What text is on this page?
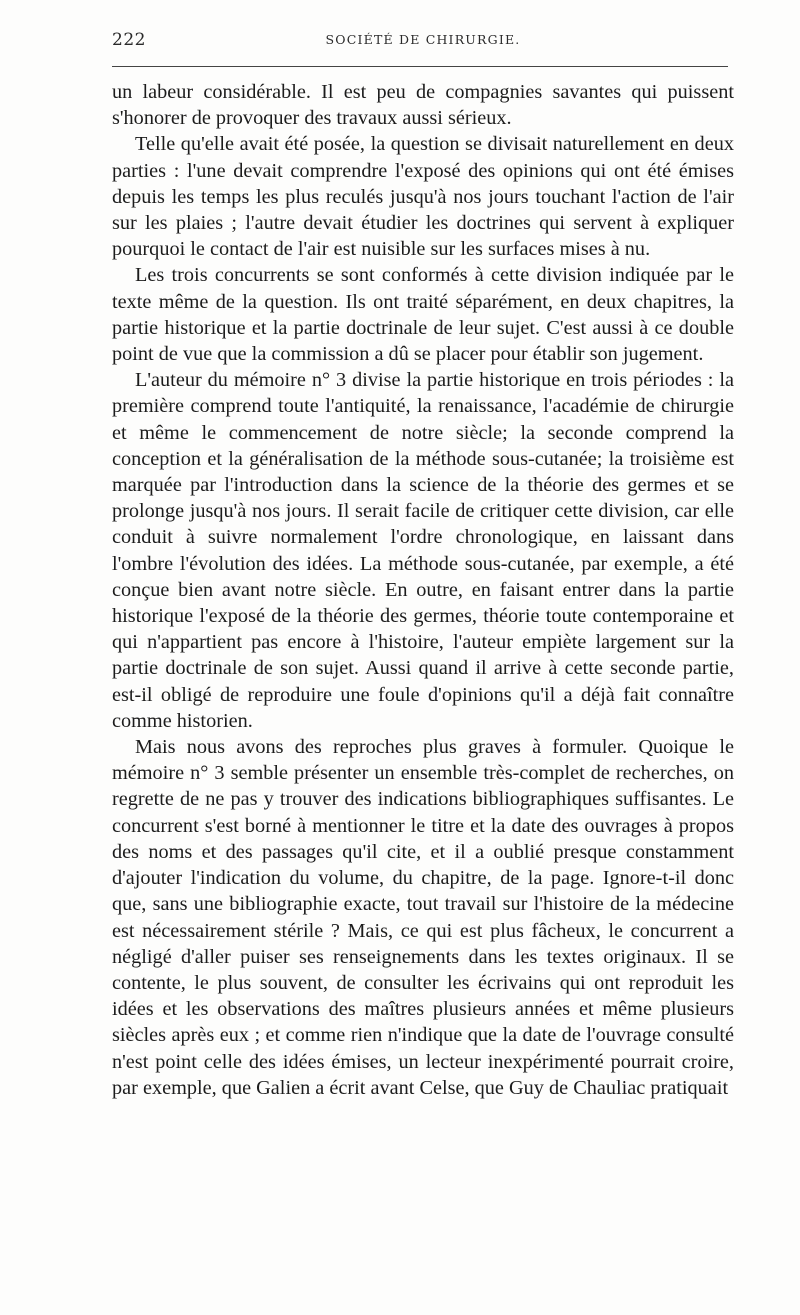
222	SOCIÉTÉ DE CHIRURGIE.

un labeur considérable. Il est peu de compagnies savantes qui puissent s'honorer de provoquer des travaux aussi sérieux.

Telle qu'elle avait été posée, la question se divisait naturellement en deux parties : l'une devait comprendre l'exposé des opinions qui ont été émises depuis les temps les plus reculés jusqu'à nos jours touchant l'action de l'air sur les plaies ; l'autre devait étudier les doctrines qui servent à expliquer pourquoi le contact de l'air est nuisible sur les surfaces mises à nu.

Les trois concurrents se sont conformés à cette division indiquée par le texte même de la question. Ils ont traité séparément, en deux chapitres, la partie historique et la partie doctrinale de leur sujet. C'est aussi à ce double point de vue que la commission a dû se placer pour établir son jugement.

L'auteur du mémoire n° 3 divise la partie historique en trois périodes : la première comprend toute l'antiquité, la renaissance, l'académie de chirurgie et même le commencement de notre siècle; la seconde comprend la conception et la généralisation de la méthode sous-cutanée; la troisième est marquée par l'introduction dans la science de la théorie des germes et se prolonge jusqu'à nos jours. Il serait facile de critiquer cette division, car elle conduit à suivre normalement l'ordre chronologique, en laissant dans l'ombre l'évolution des idées. La méthode sous-cutanée, par exemple, a été conçue bien avant notre siècle. En outre, en faisant entrer dans la partie historique l'exposé de la théorie des germes, théorie toute contemporaine et qui n'appartient pas encore à l'histoire, l'auteur empiète largement sur la partie doctrinale de son sujet. Aussi quand il arrive à cette seconde partie, est-il obligé de reproduire une foule d'opinions qu'il a déjà fait connaître comme historien.

Mais nous avons des reproches plus graves à formuler. Quoique le mémoire n° 3 semble présenter un ensemble très-complet de recherches, on regrette de ne pas y trouver des indications bibliographiques suffisantes. Le concurrent s'est borné à mentionner le titre et la date des ouvrages à propos des noms et des passages qu'il cite, et il a oublié presque constamment d'ajouter l'indication du volume, du chapitre, de la page. Ignore-t-il donc que, sans une bibliographie exacte, tout travail sur l'histoire de la médecine est nécessairement stérile ? Mais, ce qui est plus fâcheux, le concurrent a négligé d'aller puiser ses renseignements dans les textes originaux. Il se contente, le plus souvent, de consulter les écrivains qui ont reproduit les idées et les observations des maîtres plusieurs années et même plusieurs siècles après eux ; et comme rien n'indique que la date de l'ouvrage consulté n'est point celle des idées émises, un lecteur inexpérimenté pourrait croire, par exemple, que Galien a écrit avant Celse, que Guy de Chauliac pratiquait
